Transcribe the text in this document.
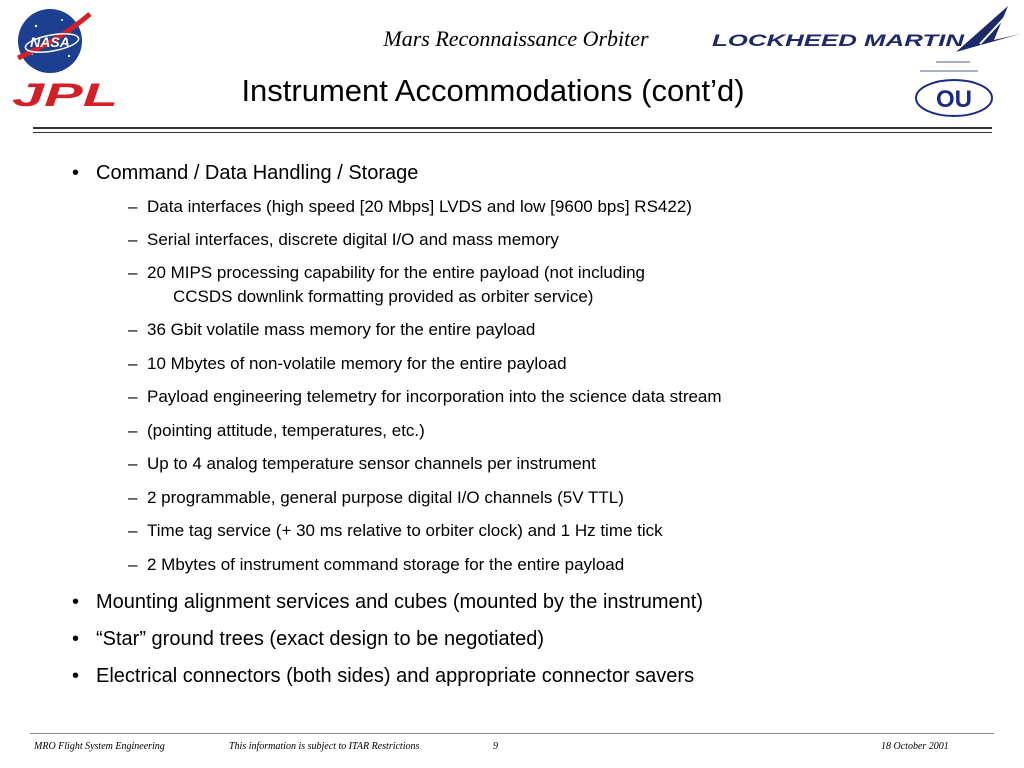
NASA
JPL
LOCKHEED MARTIN
OU
Mars Reconnaissance Orbiter
Instrument Accommodations (cont’d)
• Command / Data Handling / Storage
– Data interfaces (high speed [20 Mbps] LVDS and low [9600 bps] RS422)
– Serial interfaces, discrete digital I/O and mass memory
– 20 MIPS processing capability for the entire payload (not including
CCSDS downlink formatting provided as orbiter service)
– 36 Gbit volatile mass memory for the entire payload
– 10 Mbytes of non-volatile memory for the entire payload
– Payload engineering telemetry for incorporation into the science data stream
– (pointing attitude, temperatures, etc.)
– Up to 4 analog temperature sensor channels per instrument
– 2 programmable, general purpose digital I/O channels (5V TTL)
– Time tag service (+ 30 ms relative to orbiter clock) and 1 Hz time tick
– 2 Mbytes of instrument command storage for the entire payload
• Mounting alignment services and cubes (mounted by the instrument)
• “Star” ground trees (exact design to be negotiated)
• Electrical connectors (both sides) and appropriate connector savers
MRO Flight System Engineering	This information is subject to ITAR Restrictions	9	18 October 2001
